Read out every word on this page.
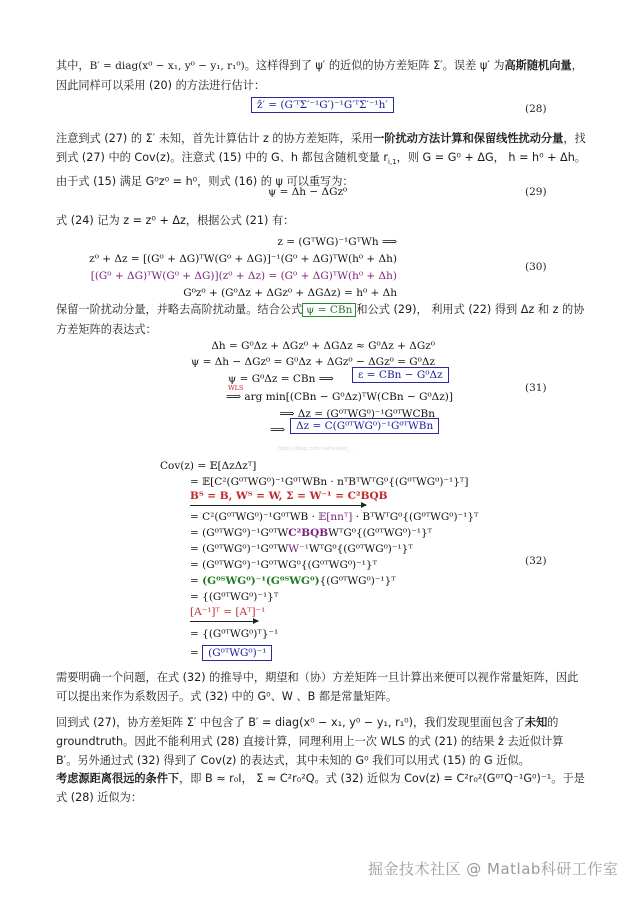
其中，B′ = diag(x⁰ − x₁, y⁰ − y₁, r₁⁰)。这样得到了 ψ′ 的近似的协方差矩阵 Σ′。误差 ψ′ 为高斯随机向量，因此同样可以采用 (20) 的方法进行估计：
ẑ′ = (G′ᵀΣ′⁻¹G′)⁻¹G′ᵀΣ′⁻¹h′	(28)
注意到式 (27) 的 Σ′ 未知，首先计算估计 z 的协方差矩阵，采用一阶扰动方法计算和保留线性扰动分量，找到式 (27) 中的 Cov(z)。注意式 (15) 中的 G、h 都包含随机变量 $r_{i,1}$，则 G = G⁰ + ΔG， h = h⁰ + Δh。由于式 (15) 满足 G⁰z⁰ = h⁰，则式 (16) 的 ψ 可以重写为：
ψ = Δh − ΔGz⁰	(29)
式 (24) 记为 z = z⁰ + Δz，根据公式 (21) 有：
z = (GᵀWG)⁻¹GᵀWh ⟹
z⁰ + Δz = [(G⁰ + ΔG)ᵀW(G⁰ + ΔG)]⁻¹(G⁰ + ΔG)ᵀW(h⁰ + Δh)
[(G⁰ + ΔG)ᵀW(G⁰ + ΔG)](z⁰ + Δz) = (G⁰ + ΔG)ᵀW(h⁰ + Δh)
G⁰z⁰ + (G⁰Δz + ΔGz⁰ + ΔGΔz) = h⁰ + Δh
(30)
保留一阶扰动分量，并略去高阶扰动量。结合公式 ψ = CBn 和公式 (29)， 利用式 (22) 得到 Δz 和 z 的协方差矩阵的表达式：
Δh = G⁰Δz + ΔGz⁰ + ΔGΔz ≈ G⁰Δz + ΔGz⁰
ψ = Δh − ΔGz⁰ = G⁰Δz + ΔGz⁰ − ΔGz⁰ = G⁰Δz
ψ = G⁰Δz = CBn ⟹	ε = CBn − G⁰Δz
WLS
⟹ arg min[(CBn − G⁰Δz)ᵀW(CBn − G⁰Δz)]
⟹ Δz = (G⁰ᵀWG⁰)⁻¹G⁰ᵀWCBn
⟹	Δz = C(G⁰ᵀWG⁰)⁻¹G⁰ᵀWBn
(31)
https://blog.csdn.net/weixin_...
Cov(z) = 𝔼[ΔzΔzᵀ]
= 𝔼[C²(G⁰ᵀWG⁰)⁻¹G⁰ᵀWBn · nᵀBᵀWᵀG⁰{(G⁰ᵀWG⁰)⁻¹}ᵀ]
Bᵀ = B, Wᵀ = W, Σ = W⁻¹ = C²BQB
= C²(G⁰ᵀWG⁰)⁻¹G⁰ᵀWB · 𝔼[nnᵀ] · BᵀWᵀG⁰{(G⁰ᵀWG⁰)⁻¹}ᵀ
= (G⁰ᵀWG⁰)⁻¹G⁰ᵀWC²BQBWᵀG⁰{(G⁰ᵀWG⁰)⁻¹}ᵀ
= (G⁰ᵀWG⁰)⁻¹G⁰ᵀWW⁻¹WᵀG⁰{(G⁰ᵀWG⁰)⁻¹}ᵀ
= (G⁰ᵀWG⁰)⁻¹G⁰ᵀWG⁰{(G⁰ᵀWG⁰)⁻¹}ᵀ
= (G⁰ᵀWG⁰)⁻¹(G⁰ᵀWG⁰){(G⁰ᵀWG⁰)⁻¹}ᵀ
= {(G⁰ᵀWG⁰)⁻¹}ᵀ
[A⁻¹]ᵀ = [Aᵀ]⁻¹
= {(G⁰ᵀWG⁰)ᵀ}⁻¹
= (G⁰ᵀWG⁰)⁻¹
(32)
需要明确一个问题，在式 (32) 的推导中，期望和（协）方差矩阵一旦计算出来便可以视作常量矩阵，因此可以提出来作为系数因子。式 (32) 中的 G⁰、W 、B 都是常量矩阵。
回到式 (27)，协方差矩阵 Σ′ 中包含了 B′ = diag(x⁰ − x₁, y⁰ − y₁, r₁⁰)，我们发现里面包含了未知的 groundtruth。因此不能利用式 (28) 直接计算，同理利用上一次 WLS 的式 (21) 的结果 ẑ 去近似计算 B′。另外通过式 (32) 得到了 Cov(z) 的表达式，其中未知的 G⁰ 我们可以用式 (15) 的 G 近似。
考虑源距离很远的条件下，即 B ≈ r₀I， Σ ≈ C²r₀²Q。式 (32) 近似为 Cov(z) = C²r₀²(G⁰ᵀQ⁻¹G⁰)⁻¹。于是式 (28) 近似为：
掘金技术社区 @ Matlab科研工作室
